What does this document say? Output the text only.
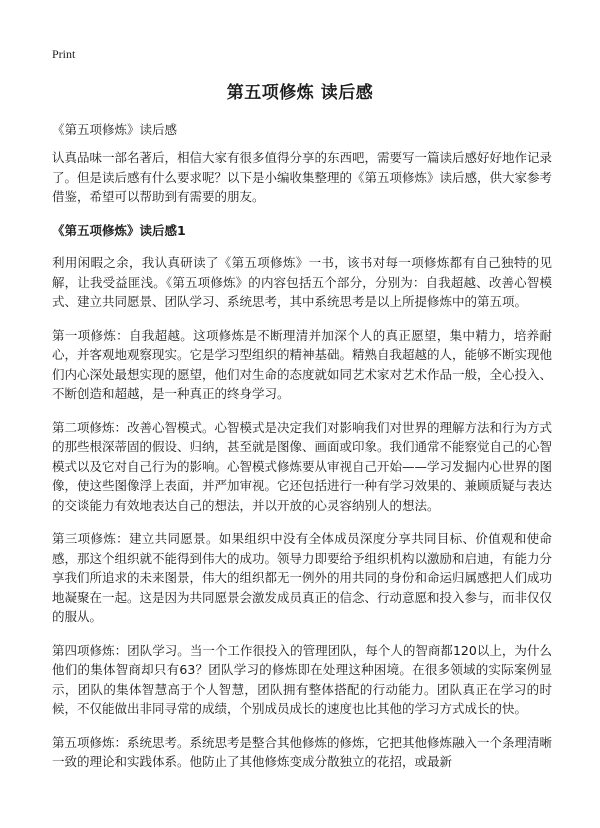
Print
第五项修炼 读后感
《第五项修炼》读后感

认真品味一部名著后，相信大家有很多值得分享的东西吧，需要写一篇读后感好好地作记录了。但是读后感有什么要求呢？以下是小编收集整理的《第五项修炼》读后感，供大家参考借鉴，希望可以帮助到有需要的朋友。

《第五项修炼》读后感1

利用闲暇之余，我认真研读了《第五项修炼》一书，该书对每一项修炼都有自己独特的见解，让我受益匪浅。《第五项修炼》的内容包括五个部分，分别为：自我超越、改善心智模式、建立共同愿景、团队学习、系统思考，其中系统思考是以上所提修炼中的第五项。

第一项修炼：自我超越。这项修炼是不断理清并加深个人的真正愿望，集中精力，培养耐心，并客观地观察现实。它是学习型组织的精神基础。精熟自我超越的人，能够不断实现他们内心深处最想实现的愿望，他们对生命的态度就如同艺术家对艺术作品一般，全心投入、不断创造和超越，是一种真正的终身学习。

第二项修炼：改善心智模式。心智模式是决定我们对影响我们对世界的理解方法和行为方式的那些根深蒂固的假设、归纳，甚至就是图像、画面或印象。我们通常不能察觉自己的心智模式以及它对自己行为的影响。心智模式修炼要从审视自己开始——学习发掘内心世界的图像，使这些图像浮上表面，并严加审视。它还包括进行一种有学习效果的、兼顾质疑与表达的交谈能力有效地表达自己的想法，并以开放的心灵容纳别人的想法。

第三项修炼：建立共同愿景。如果组织中没有全体成员深度分享共同目标、价值观和使命感，那这个组织就不能得到伟大的成功。领导力即要给予组织机构以激励和启迪，有能力分享我们所追求的未来图景，伟大的组织都无一例外的用共同的身份和命运归属感把人们成功地凝聚在一起。这是因为共同愿景会激发成员真正的信念、行动意愿和投入参与，而非仅仅的服从。

第四项修炼：团队学习。当一个工作很投入的管理团队，每个人的智商都120以上，为什么他们的集体智商却只有63？团队学习的修炼即在处理这种困境。在很多领域的实际案例显示，团队的集体智慧高于个人智慧，团队拥有整体搭配的行动能力。团队真正在学习的时候，不仅能做出非同寻常的成绩，个别成员成长的速度也比其他的学习方式成长的快。

第五项修炼：系统思考。系统思考是整合其他修炼的修炼，它把其他修炼融入一个条理清晰一致的理论和实践体系。他防止了其他修炼变成分散独立的花招，或最新
